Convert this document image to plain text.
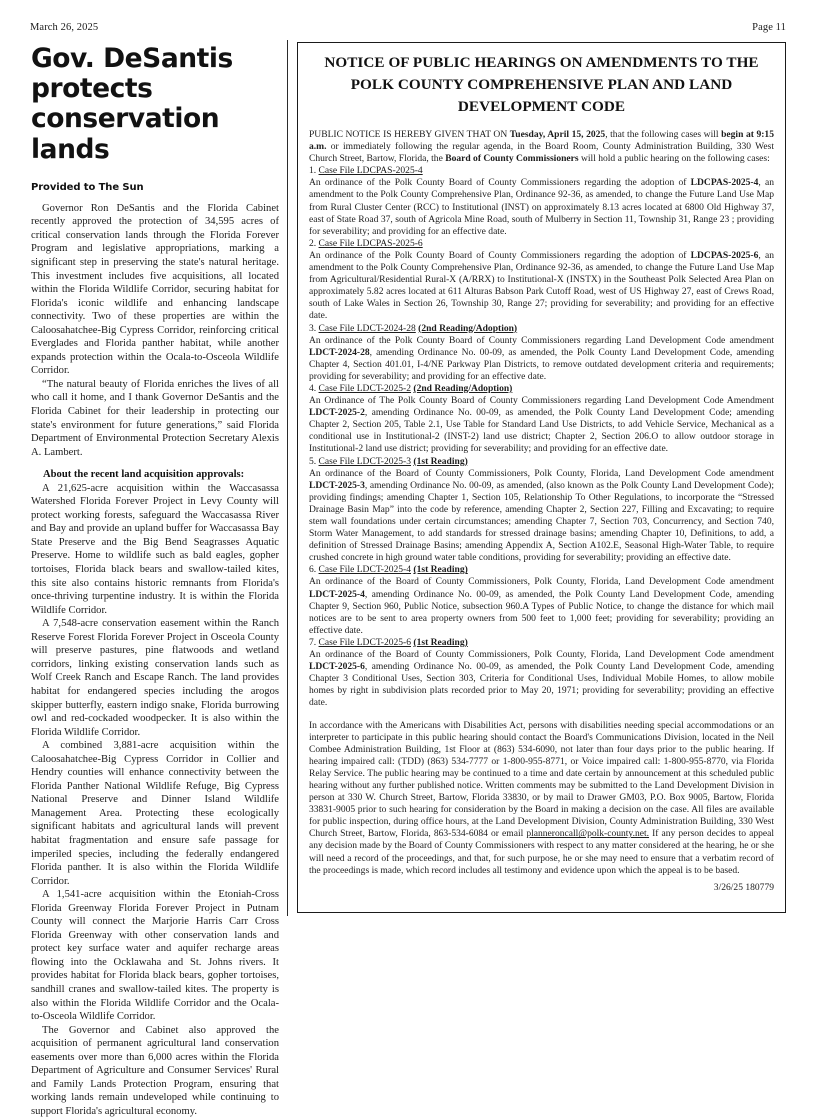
March 26, 2025	Page 11
Gov. DeSantis protects conservation lands
Provided to The Sun

Governor Ron DeSantis and the Florida Cabinet recently approved the protection of 34,595 acres of critical conservation lands through the Florida Forever Program and legislative appropriations, marking a significant step in preserving the state's natural heritage. This investment includes five acquisitions, all located within the Florida Wildlife Corridor, securing habitat for Florida's iconic wildlife and enhancing landscape connectivity. Two of these properties are within the Caloosahatchee-Big Cypress Corridor, reinforcing critical Everglades and Florida panther habitat, while another expands protection within the Ocala-to-Osceola Wildlife Corridor.

“The natural beauty of Florida enriches the lives of all who call it home, and I thank Governor DeSantis and the Florida Cabinet for their leadership in protecting our state's environment for future generations,” said Florida Department of Environmental Protection Secretary Alexis A. Lambert.

About the recent land acquisition approvals:

A 21,625-acre acquisition within the Waccasassa Watershed Florida Forever Project in Levy County will protect working forests, safeguard the Waccasassa River and Bay and provide an upland buffer for Waccasassa Bay State Preserve and the Big Bend Seagrasses Aquatic Preserve. Home to wildlife such as bald eagles, gopher tortoises, Florida black bears and swallow-tailed kites, this site also contains historic remnants from Florida's once-thriving turpentine industry. It is within the Florida Wildlife Corridor.

A 7,548-acre conservation easement within the Ranch Reserve Forest Florida Forever Project in Osceola County will preserve pastures, pine flatwoods and wetland corridors, linking existing conservation lands such as Wolf Creek Ranch and Escape Ranch. The land provides habitat for endangered species including the arogos skipper butterfly, eastern indigo snake, Florida burrowing owl and red-cockaded woodpecker. It is also within the Florida Wildlife Corridor.

A combined 3,881-acre acquisition within the Caloosahatchee-Big Cypress Corridor in Collier and Hendry counties will enhance connectivity between the Florida Panther National Wildlife Refuge, Big Cypress National Preserve and Dinner Island Wildlife Management Area. Protecting these ecologically significant habitats and agricultural lands will prevent habitat fragmentation and ensure safe passage for imperiled species, including the federally endangered Florida panther. It is also within the Florida Wildlife Corridor.

A 1,541-acre acquisition within the Etoniah-Cross Florida Greenway Florida Forever Project in Putnam County will connect the Marjorie Harris Carr Cross Florida Greenway with other conservation lands and protect key surface water and aquifer recharge areas flowing into the Ocklawaha and St. Johns rivers. It provides habitat for Florida black bears, gopher tortoises, sandhill cranes and swallow-tailed kites. The property is also within the Florida Wildlife Corridor and the Ocala-to-Osceola Wildlife Corridor.

The Governor and Cabinet also approved the acquisition of permanent agricultural land conservation easements over more than 6,000 acres within the Florida Department of Agriculture and Consumer Services' Rural and Family Lands Protection Program, ensuring that working lands remain undeveloped while continuing to support Florida's agricultural economy.

NOTICE OF PUBLIC HEARINGS ON AMENDMENTS TO THE POLK COUNTY COMPREHENSIVE PLAN AND LAND DEVELOPMENT CODE

PUBLIC NOTICE IS HEREBY GIVEN THAT ON Tuesday, April 15, 2025, that the following cases will begin at 9:15 a.m. or immediately following the regular agenda, in the Board Room, County Administration Building, 330 West Church Street, Bartow, Florida, the Board of County Commissioners will hold a public hearing on the following cases:

1. Case File LDCPAS-2025-4

An ordinance of the Polk County Board of County Commissioners regarding the adoption of LDCPAS-2025-4, an amendment to the Polk County Comprehensive Plan, Ordinance 92-36, as amended, to change the Future Land Use Map from Rural Cluster Center (RCC) to Institutional (INST) on approximately 8.13 acres located at 6800 Old Highway 37, east of State Road 37, south of Agricola Mine Road, south of Mulberry in Section 11, Township 31, Range 23 ; providing for severability; and providing for an effective date.

2. Case File LDCPAS-2025-6

An ordinance of the Polk County Board of County Commissioners regarding the adoption of LDCPAS-2025-6, an amendment to the Polk County Comprehensive Plan, Ordinance 92-36, as amended, to change the Future Land Use Map from Agricultural/Residential Rural-X (A/RRX) to Institutional-X (INSTX) in the Southeast Polk Selected Area Plan on approximately 5.82 acres located at 611 Alturas Babson Park Cutoff Road, west of US Highway 27, east of Crews Road, south of Lake Wales in Section 26, Township 30, Range 27; providing for severability; and providing for an effective date.

3. Case File LDCT-2024-28 (2nd Reading/Adoption)

An ordinance of the Polk County Board of County Commissioners regarding Land Development Code amendment LDCT-2024-28, amending Ordinance No. 00-09, as amended, the Polk County Land Development Code, amending Chapter 4, Section 401.01, I-4/NE Parkway Plan Districts, to remove outdated development criteria and requirements; providing for severability; and providing for an effective date.

4. Case File LDCT-2025-2 (2nd Reading/Adoption)

An Ordinance of The Polk County Board of County Commissioners regarding Land Development Code Amendment LDCT-2025-2, amending Ordinance No. 00-09, as amended, the Polk County Land Development Code; amending Chapter 2, Section 205, Table 2.1, Use Table for Standard Land Use Districts, to add Vehicle Service, Mechanical as a conditional use in Institutional-2 (INST-2) land use district; Chapter 2, Section 206.O to allow outdoor storage in Institutional-2 land use district; providing for severability; and providing for an effective date.

5. Case File LDCT-2025-3 (1st Reading)

An ordinance of the Board of County Commissioners, Polk County, Florida, Land Development Code amendment LDCT-2025-3, amending Ordinance No. 00-09, as amended, (also known as the Polk County Land Development Code); providing findings; amending Chapter 1, Section 105, Relationship To Other Regulations, to incorporate the “Stressed Drainage Basin Map” into the code by reference, amending Chapter 2, Section 227, Filling and Excavating; to require stem wall foundations under certain circumstances; amending Chapter 7, Section 703, Concurrency, and Section 740, Storm Water Management, to add standards for stressed drainage basins; amending Chapter 10, Definitions, to add, a definition of Stressed Drainage Basins; amending Appendix A, Section A102.E, Seasonal High-Water Table, to require crushed concrete in high ground water table conditions, providing for severability; providing an effective date.

6. Case File LDCT-2025-4 (1st Reading)

An ordinance of the Board of County Commissioners, Polk County, Florida, Land Development Code amendment LDCT-2025-4, amending Ordinance No. 00-09, as amended, the Polk County Land Development Code, amending Chapter 9, Section 960, Public Notice, subsection 960.A Types of Public Notice, to change the distance for which mail notices are to be sent to area property owners from 500 feet to 1,000 feet; providing for severability; providing an effective date.

7. Case File LDCT-2025-6 (1st Reading)

An ordinance of the Board of County Commissioners, Polk County, Florida, Land Development Code amendment LDCT-2025-6, amending Ordinance No. 00-09, as amended, the Polk County Land Development Code, amending Chapter 3 Conditional Uses, Section 303, Criteria for Conditional Uses, Individual Mobile Homes, to allow mobile homes by right in subdivision plats recorded prior to May 20, 1971; providing for severability; providing an effective date.

In accordance with the Americans with Disabilities Act, persons with disabilities needing special accommodations or an interpreter to participate in this public hearing should contact the Board's Communications Division, located in the Neil Combee Administration Building, 1st Floor at (863) 534-6090, not later than four days prior to the public hearing. If hearing impaired call: (TDD) (863) 534-7777 or 1-800-955-8771, or Voice impaired call: 1-800-955-8770, via Florida Relay Service. The public hearing may be continued to a time and date certain by announcement at this scheduled public hearing without any further published notice. Written comments may be submitted to the Land Development Division in person at 330 W. Church Street, Bartow, Florida 33830, or by mail to Drawer GM03, P.O. Box 9005, Bartow, Florida 33831-9005 prior to such hearing for consideration by the Board in making a decision on the case. All files are available for public inspection, during office hours, at the Land Development Division, County Administration Building, 330 West Church Street, Bartow, Florida, 863-534-6084 or email planneroncall@polk-county.net. If any person decides to appeal any decision made by the Board of County Commissioners with respect to any matter considered at the hearing, he or she will need a record of the proceedings, and that, for such purpose, he or she may need to ensure that a verbatim record of the proceedings is made, which record includes all testimony and evidence upon which the appeal is to be based.

3/26/25 180779
